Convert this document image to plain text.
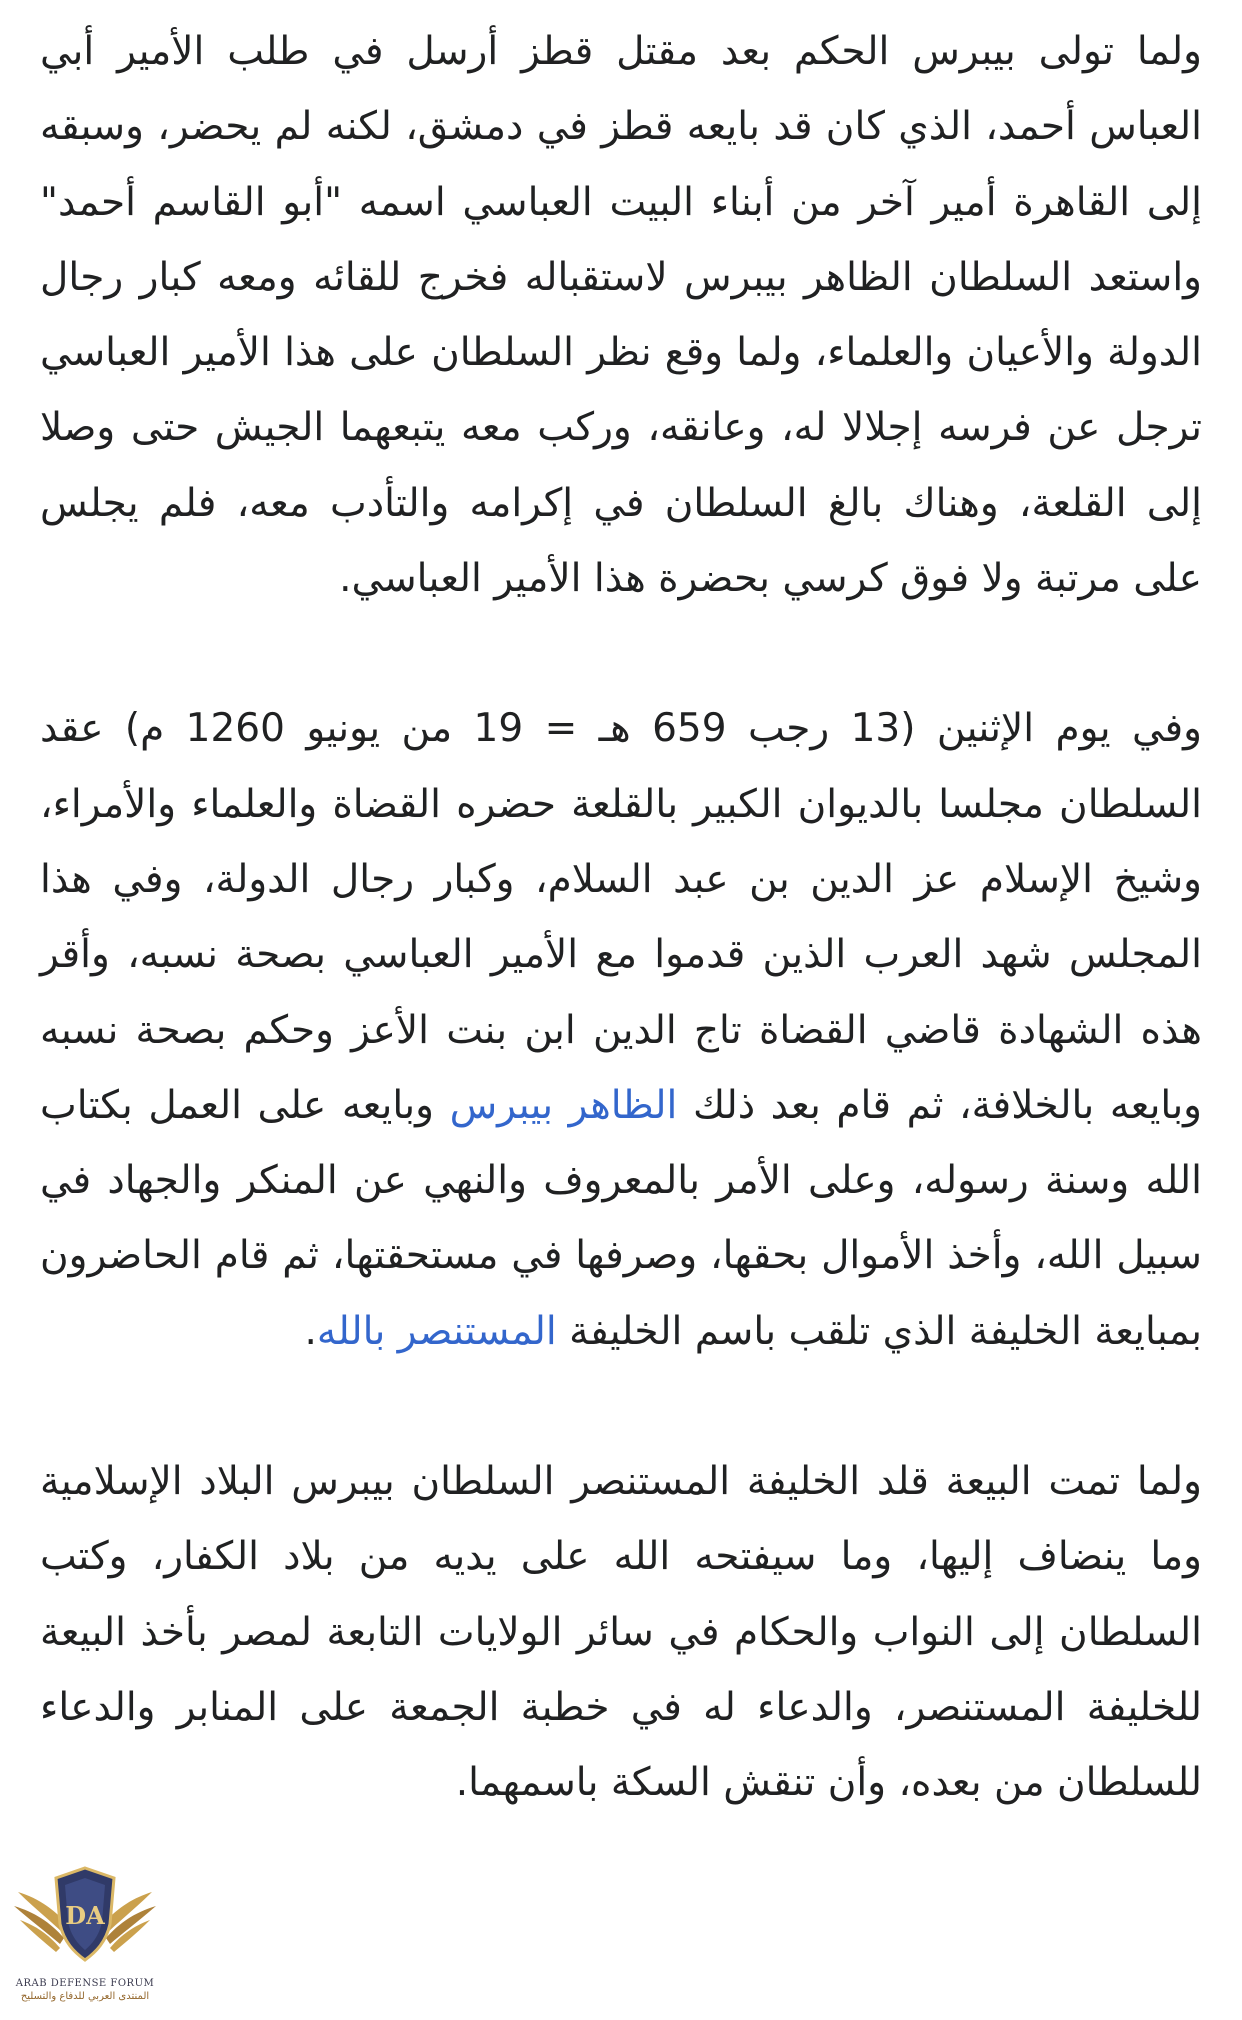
ولما تولى بيبرس الحكم بعد مقتل قطز أرسل في طلب الأمير أبي العباس أحمد، الذي كان قد بايعه قطز في دمشق، لكنه لم يحضر، وسبقه إلى القاهرة أمير آخر من أبناء البيت العباسي اسمه "أبو القاسم أحمد" واستعد السلطان الظاهر بيبرس لاستقباله فخرج للقائه ومعه كبار رجال الدولة والأعيان والعلماء، ولما وقع نظر السلطان على هذا الأمير العباسي ترجل عن فرسه إجلالا له، وعانقه، وركب معه يتبعهما الجيش حتى وصلا إلى القلعة، وهناك بالغ السلطان في إكرامه والتأدب معه، فلم يجلس على مرتبة ولا فوق كرسي بحضرة هذا الأمير العباسي.

وفي يوم الإثنين (13 رجب 659 هـ = 19 من يونيو 1260 م) عقد السلطان مجلسا بالديوان الكبير بالقلعة حضره القضاة والعلماء والأمراء، وشيخ الإسلام عز الدين بن عبد السلام، وكبار رجال الدولة، وفي هذا المجلس شهد العرب الذين قدموا مع الأمير العباسي بصحة نسبه، وأقر هذه الشهادة قاضي القضاة تاج الدين ابن بنت الأعز وحكم بصحة نسبه وبايعه بالخلافة، ثم قام بعد ذلك الظاهر بيبرس وبايعه على العمل بكتاب الله وسنة رسوله، وعلى الأمر بالمعروف والنهي عن المنكر والجهاد في سبيل الله، وأخذ الأموال بحقها، وصرفها في مستحقتها، ثم قام الحاضرون بمبايعة الخليفة الذي تلقب باسم الخليفة المستنصر بالله.

ولما تمت البيعة قلد الخليفة المستنصر السلطان بيبرس البلاد الإسلامية وما ينضاف إليها، وما سيفتحه الله على يديه من بلاد الكفار، وكتب السلطان إلى النواب والحكام في سائر الولايات التابعة لمصر بأخذ البيعة للخليفة المستنصر، والدعاء له في خطبة الجمعة على المنابر والدعاء للسلطان من بعده، وأن تنقش السكة باسمهما.

DA
ARAB DEFENSE FORUM
المنتدى العربي للدفاع والتسليح
